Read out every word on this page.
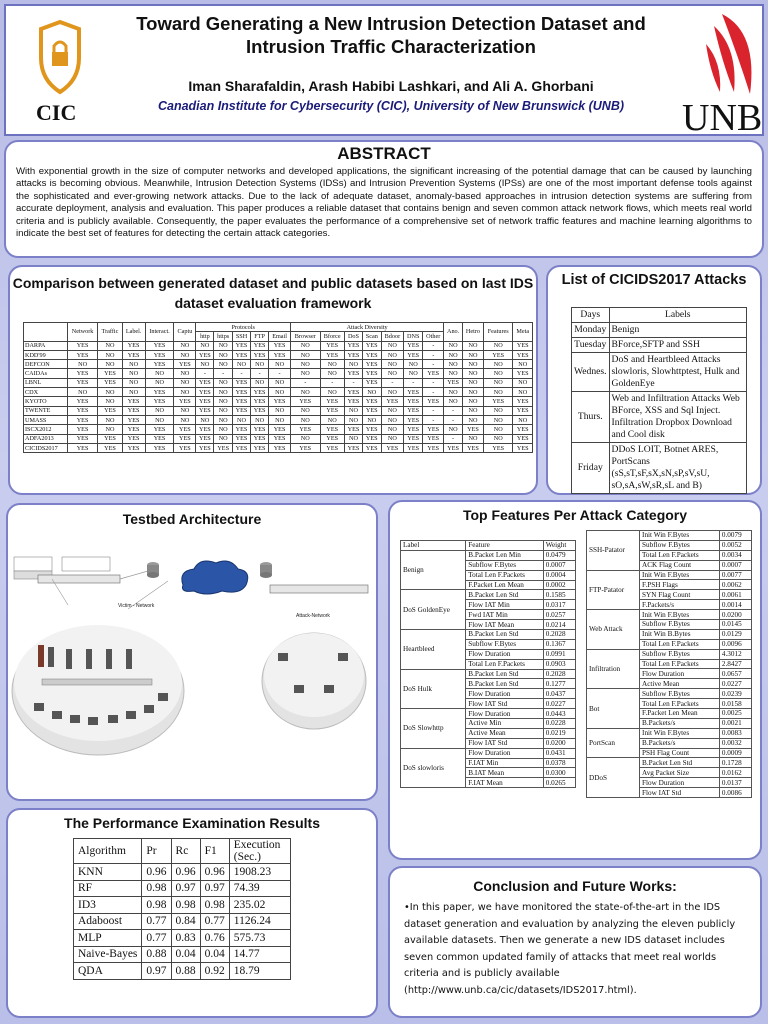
CIC
Toward Generating a New Intrusion Detection Dataset and Intrusion Traffic Characterization
Iman Sharafaldin, Arash Habibi Lashkari, and Ali A. Ghorbani
Canadian Institute for Cybersecurity (CIC), University of New Brunswick (UNB)	UNB
ABSTRACT

With exponential growth in the size of computer networks and developed applications, the significant increasing of the potential damage that can be caused by launching attacks is becoming obvious. Meanwhile, Intrusion Detection Systems (IDSs) and Intrusion Prevention Systems (IPSs) are one of the most important defense tools against the sophisticated and ever-growing network attacks. Due to the lack of adequate dataset, anomaly-based approaches in intrusion detection systems are suffering from accurate deployment, analysis and evaluation. This paper produces a reliable dataset that contains benign and seven common attack network flows, which meets real world criteria and is publicly available. Consequently, the paper evaluates the performance of a comprehensive set of network traffic features and machine learning algorithms to indicate the best set of features for detecting the certain attack categories.

Comparison between generated dataset and public datasets based on last IDS dataset evaluation framework
	Network	Traffic	Label.	Interact.	Captu	Protocols					Attack Diversity							Ano.	Hetro	Features	Meta
						http	https	SSH	FTP	Email	Browser	Bforce	DoS	Scan	Bdoor	DNS	Other				
DARPA	YES	NO	YES	YES	NO	NO	NO	YES	YES	YES	NO	YES	YES	YES	NO	YES	-	NO	NO	NO	YES
KDD'99	YES	NO	YES	YES	NO	YES	NO	YES	YES	YES	NO	YES	YES	YES	NO	YES	-	NO	NO	YES	YES
DEFCON	NO	NO	NO	YES	YES	NO	NO	NO	NO	NO	NO	NO	NO	YES	NO	NO	-	NO	NO	NO	NO
CAIDAs	YES	YES	NO	NO	NO	-	-	-	-	-	NO	NO	YES	YES	NO	NO	YES	NO	NO	NO	YES
LBNL	YES	YES	NO	NO	NO	YES	NO	YES	NO	NO	-	-	-	YES	-	-	-	YES	NO	NO	NO
CDX	NO	NO	NO	YES	NO	YES	NO	YES	YES	NO	NO	NO	YES	NO	NO	YES	-	NO	NO	NO	NO
KYOTO	YES	NO	YES	YES	YES	YES	NO	YES	YES	YES	YES	YES	YES	YES	YES	YES	YES	NO	NO	YES	YES
TWENTE	YES	YES	YES	NO	NO	YES	NO	YES	YES	NO	NO	YES	NO	YES	NO	YES	-	-	NO	NO	YES
UMASS	YES	NO	YES	NO	NO	NO	NO	NO	NO	NO	NO	NO	NO	NO	NO	YES	-	-	NO	NO	NO
ISCX2012	YES	NO	YES	YES	YES	YES	NO	YES	YES	YES	YES	YES	YES	YES	NO	YES	YES	NO	YES	NO	YES
ADFA2013	YES	YES	YES	YES	YES	YES	NO	YES	YES	YES	NO	YES	NO	YES	NO	YES	YES	-	NO	NO	YES
CICIDS2017	YES	YES	YES	YES	YES	YES	YES	YES	YES	YES	YES	YES	YES	YES	YES	YES	YES	YES	YES	YES	YES
List of CICIDS2017 Attacks
Days	Labels
Monday	Benign
Tuesday	BForce,SFTP and SSH
Wednes.	DoS and Heartbleed Attacks slowloris, Slowhttptest, Hulk and GoldenEye
Thurs.	Web and Infiltration Attacks Web BForce, XSS and Sql Inject. Infiltration Dropbox Download and Cool disk
Friday	DDoS LOIT, Botnet ARES, PortScans (sS,sT,sF,sX,sN,sP,sV,sU, sO,sA,sW,sR,sL and B)
Testbed Architecture
Victim - Network
Attack-Network
Top Features Per Attack Category
Label	Feature	Weight
Benign	B.Packet Len Min	0.0479
	Subflow F.Bytes	0.0007
	Total Len F.Packets	0.0004
	F.Packet Len Mean	0.0002
DoS GoldenEye	B.Packet Len Std	0.1585
	Flow IAT Min	0.0317
	Fwd IAT Min	0.0257
	Flow IAT Mean	0.0214
Heartbleed	B.Packet Len Std	0.2028
	Subflow F.Bytes	0.1367
	Flow Duration	0.0991
	Total Len F.Packets	0.0903
DoS Hulk	B.Packet Len Std	0.2028
	B.Packet Len Std	0.1277
	Flow Duration	0.0437
	Flow IAT Std	0.0227
DoS Slowhttp	Flow Duration	0.0443
	Active Min	0.0228
	Active Mean	0.0219
	Flow IAT Std	0.0200
DoS slowloris	Flow Duration	0.0431
	F.IAT Min	0.0378
	B.IAT Mean	0.0300
	F.IAT Mean	0.0265
SSH-Patator	Init Win F.Bytes	0.0079
	Subflow F.Bytes	0.0052
	Total Len F.Packets	0.0034
	ACK Flag Count	0.0007
FTP-Patator	Init Win F.Bytes	0.0077
	F.PSH Flags	0.0062
	SYN Flag Count	0.0061
	F.Packets/s	0.0014
Web Attack	Init Win F.Bytes	0.0200
	Subflow F.Bytes	0.0145
	Init Win B.Bytes	0.0129
	Total Len F.Packets	0.0096
Infiltration	Subflow F.Bytes	4.3012
	Total Len F.Packets	2.8427
	Flow Duration	0.0657
	Active Mean	0.0227
Bot	Subflow F.Bytes	0.0239
	Total Len F.Packets	0.0158
	F.Packet Len Mean	0.0025
	B.Packets/s	0.0021
PortScan	Init Win F.Bytes	0.0083
	B.Packets/s	0.0032
	PSH Flag Count	0.0009
DDoS	B.Packet Len Std	0.1728
	Avg Packet Size	0.0162
	Flow Duration	0.0137
	Flow IAT Std	0.0086
The Performance Examination Results
Algorithm	Pr	Rc	F1	Execution (Sec.)
KNN	0.96	0.96	0.96	1908.23
RF	0.98	0.97	0.97	74.39
ID3	0.98	0.98	0.98	235.02
Adaboost	0.77	0.84	0.77	1126.24
MLP	0.77	0.83	0.76	575.73
Naive-Bayes	0.88	0.04	0.04	14.77
QDA	0.97	0.88	0.92	18.79
Conclusion and Future Works:

•In this paper, we have monitored the state-of-the-art in the IDS dataset generation and evaluation by analyzing the eleven publicly available datasets. Then we generate a new IDS dataset includes seven common updated family of attacks that meet real worlds criteria and is publicly available (http://www.unb.ca/cic/datasets/IDS2017.html).
